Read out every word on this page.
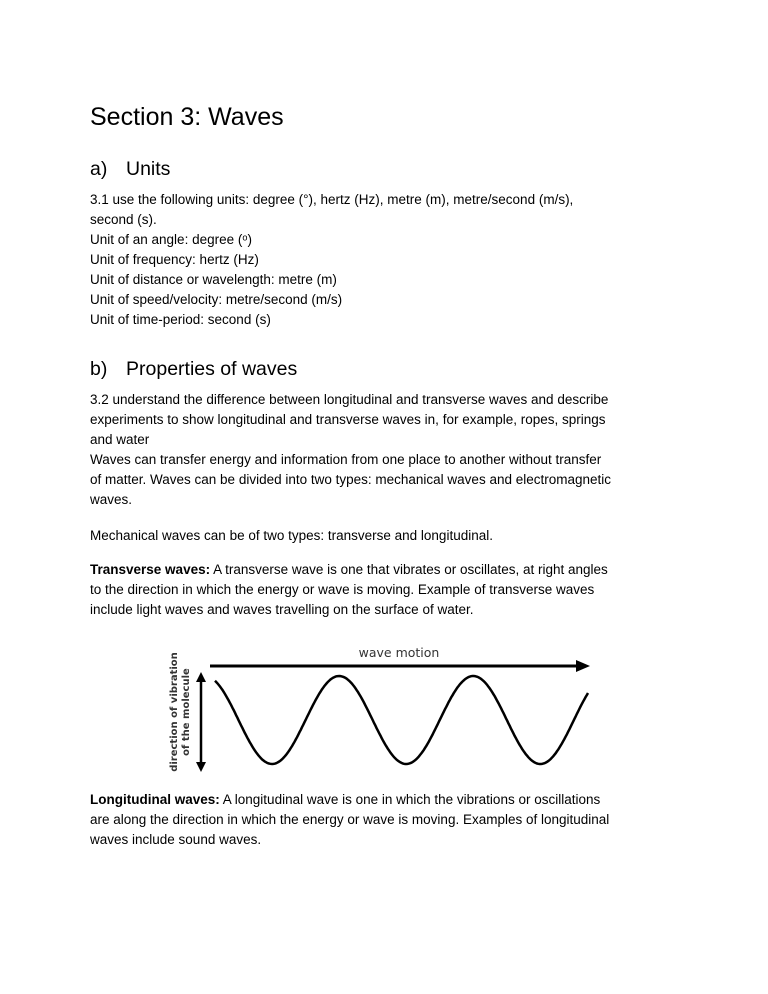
Section 3: Waves
a) Units

3.1 use the following units: degree (°), hertz (Hz), metre (m), metre/second (m/s),

second (s).

Unit of an angle: degree (ᵒ)

Unit of frequency: hertz (Hz)

Unit of distance or wavelength: metre (m)

Unit of speed/velocity: metre/second (m/s)

Unit of time-period: second (s)

b) Properties of waves

3.2 understand the difference between longitudinal and transverse waves and describe

experiments to show longitudinal and transverse waves in, for example, ropes, springs

and water

Waves can transfer energy and information from one place to another without transfer

of matter. Waves can be divided into two types: mechanical waves and electromagnetic

waves.

Mechanical waves can be of two types: transverse and longitudinal.

Transverse waves: A transverse wave is one that vibrates or oscillates, at right angles

to the direction in which the energy or wave is moving. Example of transverse waves

include light waves and waves travelling on the surface of water.

wave motion
direction of vibration of the molecule

Longitudinal waves: A longitudinal wave is one in which the vibrations or oscillations

are along the direction in which the energy or wave is moving. Examples of longitudinal

waves include sound waves.
